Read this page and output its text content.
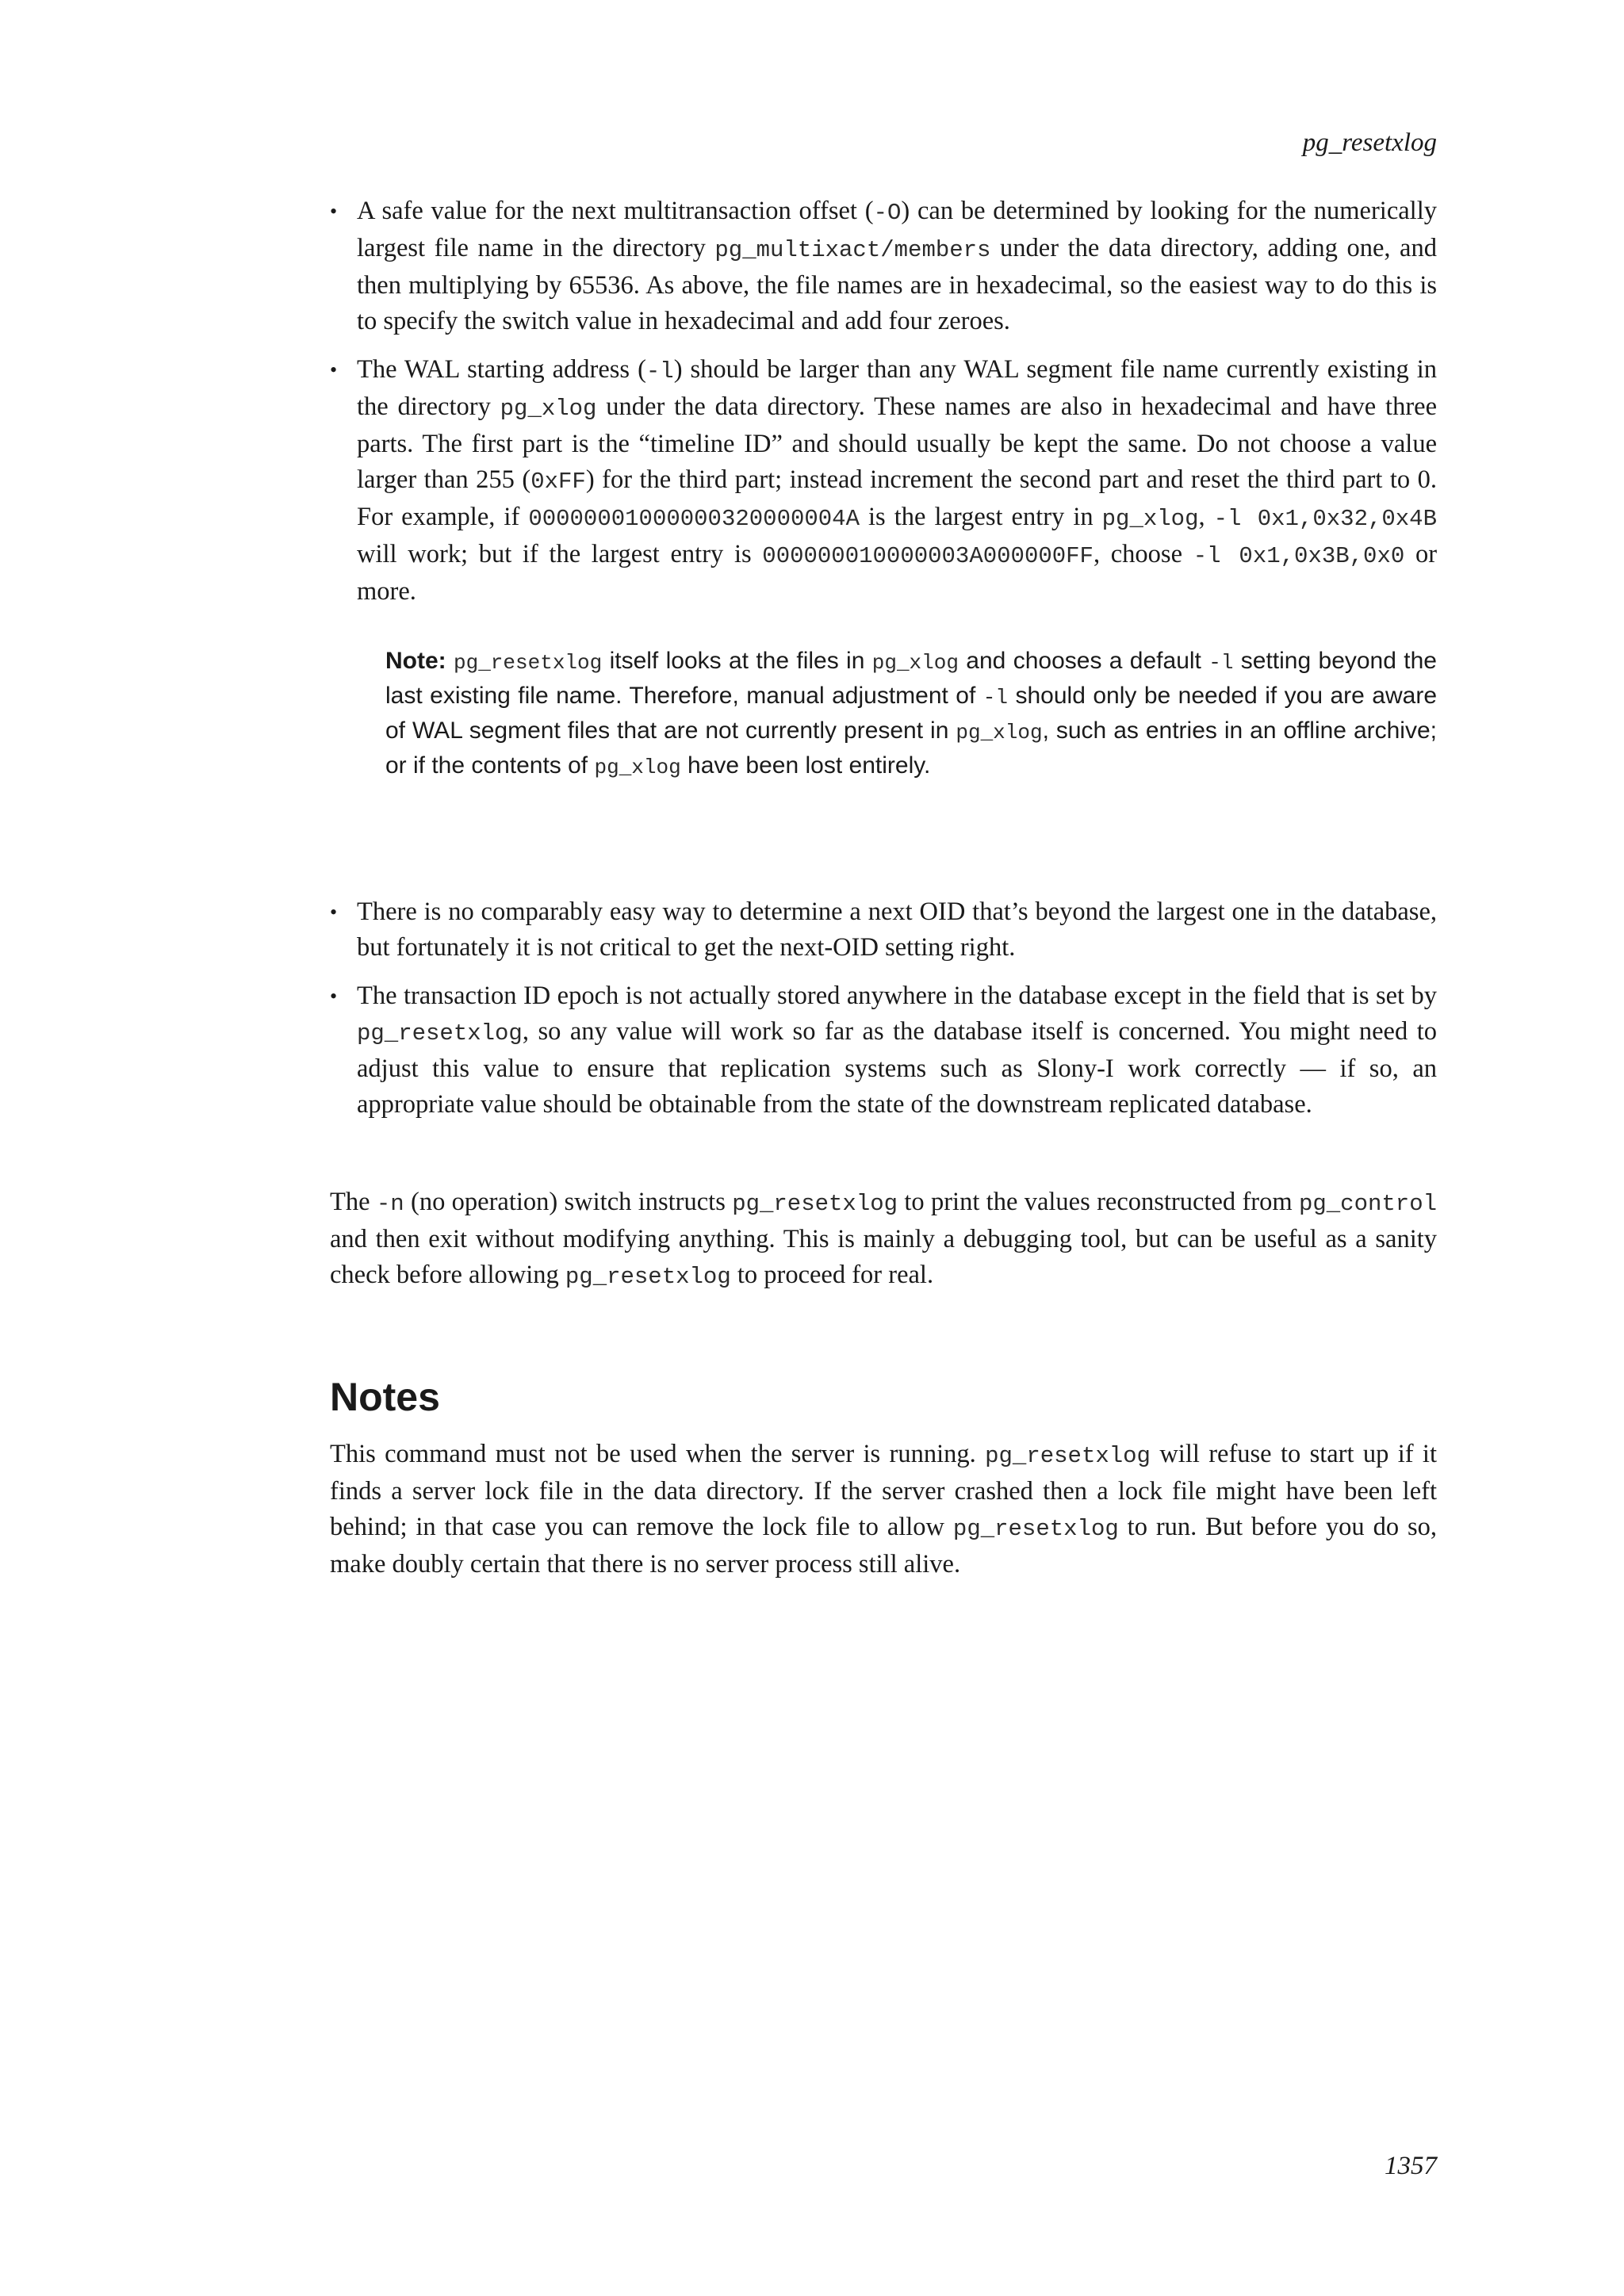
pg_resetxlog
• A safe value for the next multitransaction offset (-O) can be determined by looking for the numerically largest file name in the directory pg_multixact/members under the data directory, adding one, and then multiplying by 65536. As above, the file names are in hexadecimal, so the easiest way to do this is to specify the switch value in hexadecimal and add four zeroes.
• The WAL starting address (-l) should be larger than any WAL segment file name currently existing in the directory pg_xlog under the data directory. These names are also in hexadecimal and have three parts. The first part is the “timeline ID” and should usually be kept the same. Do not choose a value larger than 255 (0xFF) for the third part; instead increment the second part and reset the third part to 0. For example, if 00000001000000320000004A is the largest entry in pg_xlog, -l 0x1,0x32,0x4B will work; but if the largest entry is 000000010000003A000000FF, choose -l 0x1,0x3B,0x0 or more.
Note: pg_resetxlog itself looks at the files in pg_xlog and chooses a default -l setting beyond the last existing file name. Therefore, manual adjustment of -l should only be needed if you are aware of WAL segment files that are not currently present in pg_xlog, such as entries in an offline archive; or if the contents of pg_xlog have been lost entirely.
• There is no comparably easy way to determine a next OID that’s beyond the largest one in the database, but fortunately it is not critical to get the next-OID setting right.
• The transaction ID epoch is not actually stored anywhere in the database except in the field that is set by pg_resetxlog, so any value will work so far as the database itself is concerned. You might need to adjust this value to ensure that replication systems such as Slony-I work correctly — if so, an appropriate value should be obtainable from the state of the downstream replicated database.

The -n (no operation) switch instructs pg_resetxlog to print the values reconstructed from pg_control and then exit without modifying anything. This is mainly a debugging tool, but can be useful as a sanity check before allowing pg_resetxlog to proceed for real.

Notes

This command must not be used when the server is running. pg_resetxlog will refuse to start up if it finds a server lock file in the data directory. If the server crashed then a lock file might have been left behind; in that case you can remove the lock file to allow pg_resetxlog to run. But before you do so, make doubly certain that there is no server process still alive.

1357
